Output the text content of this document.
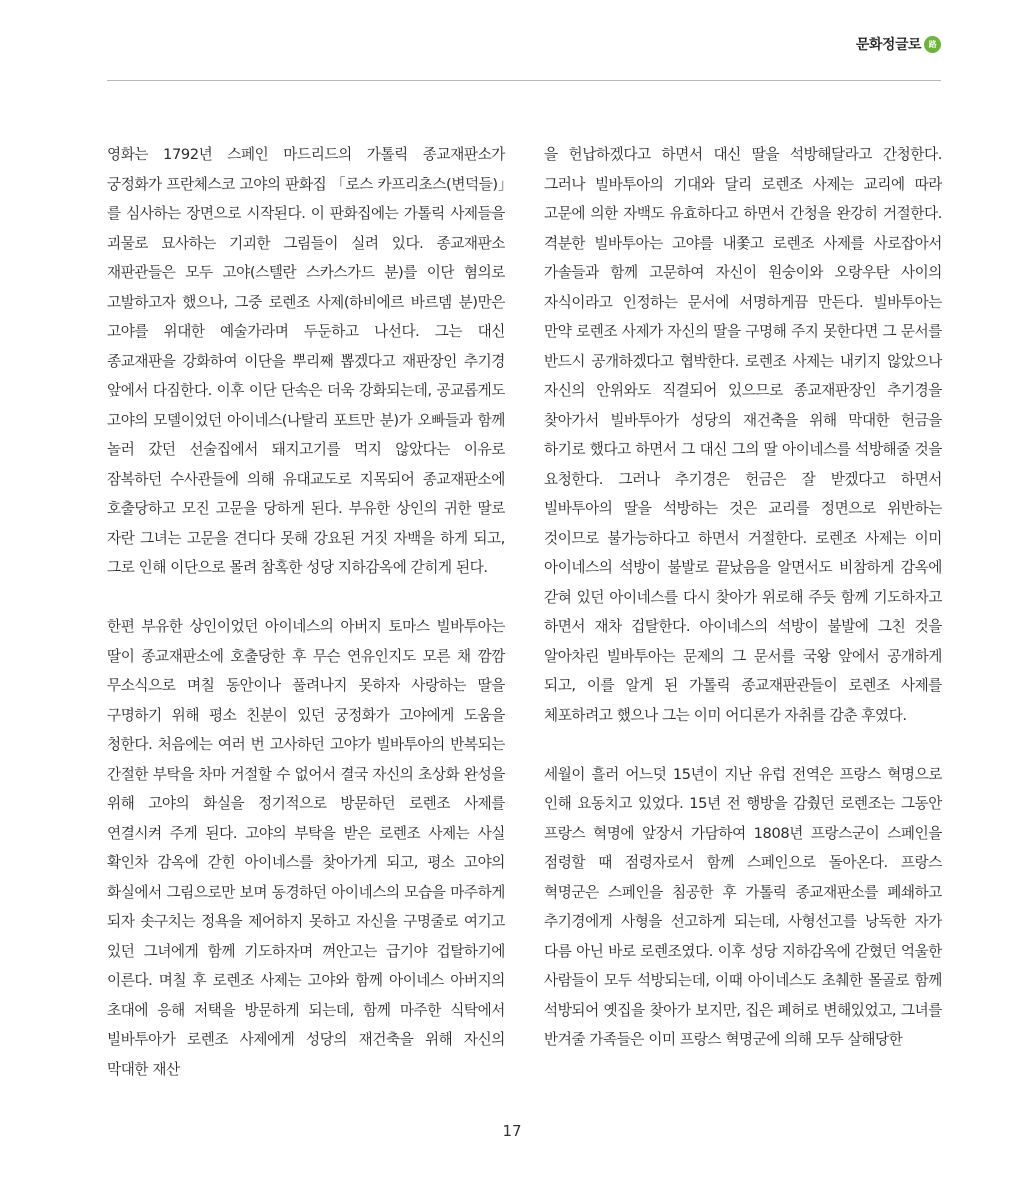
문화정글로 路

영화는 1792년 스페인 마드리드의 가톨릭 종교재판소가 궁정화가 프란체스코 고야의 판화집 「로스 카프리초스(변덕들)」를 심사하는 장면으로 시작된다. 이 판화집에는 가톨릭 사제들을 괴물로 묘사하는 기괴한 그림들이 실려 있다. 종교재판소 재판관들은 모두 고야(스텔란 스카스가드 분)를 이단 혐의로 고발하고자 했으나, 그중 로렌조 사제(하비에르 바르뎀 분)만은 고야를 위대한 예술가라며 두둔하고 나선다. 그는 대신 종교재판을 강화하여 이단을 뿌리째 뽑겠다고 재판장인 추기경 앞에서 다짐한다. 이후 이단 단속은 더욱 강화되는데, 공교롭게도 고야의 모델이었던 아이네스(나탈리 포트만 분)가 오빠들과 함께 놀러 갔던 선술집에서 돼지고기를 먹지 않았다는 이유로 잠복하던 수사관들에 의해 유대교도로 지목되어 종교재판소에 호출당하고 모진 고문을 당하게 된다. 부유한 상인의 귀한 딸로 자란 그녀는 고문을 견디다 못해 강요된 거짓 자백을 하게 되고, 그로 인해 이단으로 몰려 참혹한 성당 지하감옥에 갇히게 된다.

한편 부유한 상인이었던 아이네스의 아버지 토마스 빌바투아는 딸이 종교재판소에 호출당한 후 무슨 연유인지도 모른 채 깜깜 무소식으로 며칠 동안이나 풀려나지 못하자 사랑하는 딸을 구명하기 위해 평소 친분이 있던 궁정화가 고야에게 도움을 청한다. 처음에는 여러 번 고사하던 고야가 빌바투아의 반복되는 간절한 부탁을 차마 거절할 수 없어서 결국 자신의 초상화 완성을 위해 고야의 화실을 정기적으로 방문하던 로렌조 사제를 연결시켜 주게 된다. 고야의 부탁을 받은 로렌조 사제는 사실 확인차 감옥에 갇힌 아이네스를 찾아가게 되고, 평소 고야의 화실에서 그림으로만 보며 동경하던 아이네스의 모습을 마주하게 되자 솟구치는 정욕을 제어하지 못하고 자신을 구명줄로 여기고 있던 그녀에게 함께 기도하자며 껴안고는 급기야 겁탈하기에 이른다. 며칠 후 로렌조 사제는 고야와 함께 아이네스 아버지의 초대에 응해 저택을 방문하게 되는데, 함께 마주한 식탁에서 빌바투아가 로렌조 사제에게 성당의 재건축을 위해 자신의 막대한 재산

을 헌납하겠다고 하면서 대신 딸을 석방해달라고 간청한다. 그러나 빌바투아의 기대와 달리 로렌조 사제는 교리에 따라 고문에 의한 자백도 유효하다고 하면서 간청을 완강히 거절한다. 격분한 빌바투아는 고야를 내쫓고 로렌조 사제를 사로잡아서 가솔들과 함께 고문하여 자신이 원숭이와 오랑우탄 사이의 자식이라고 인정하는 문서에 서명하게끔 만든다. 빌바투아는 만약 로렌조 사제가 자신의 딸을 구명해 주지 못한다면 그 문서를 반드시 공개하겠다고 협박한다. 로렌조 사제는 내키지 않았으나 자신의 안위와도 직결되어 있으므로 종교재판장인 추기경을 찾아가서 빌바투아가 성당의 재건축을 위해 막대한 헌금을 하기로 했다고 하면서 그 대신 그의 딸 아이네스를 석방해줄 것을 요청한다. 그러나 추기경은 헌금은 잘 받겠다고 하면서 빌바투아의 딸을 석방하는 것은 교리를 정면으로 위반하는 것이므로 불가능하다고 하면서 거절한다. 로렌조 사제는 이미 아이네스의 석방이 불발로 끝났음을 알면서도 비참하게 감옥에 갇혀 있던 아이네스를 다시 찾아가 위로해 주듯 함께 기도하자고 하면서 재차 겁탈한다. 아이네스의 석방이 불발에 그친 것을 알아차린 빌바투아는 문제의 그 문서를 국왕 앞에서 공개하게 되고, 이를 알게 된 가톨릭 종교재판관들이 로렌조 사제를 체포하려고 했으나 그는 이미 어디론가 자취를 감춘 후였다.

세월이 흘러 어느덧 15년이 지난 유럽 전역은 프랑스 혁명으로 인해 요동치고 있었다. 15년 전 행방을 감췄던 로렌조는 그동안 프랑스 혁명에 앞장서 가담하여 1808년 프랑스군이 스페인을 점령할 때 점령자로서 함께 스페인으로 돌아온다. 프랑스 혁명군은 스페인을 침공한 후 가톨릭 종교재판소를 폐쇄하고 추기경에게 사형을 선고하게 되는데, 사형선고를 낭독한 자가 다름 아닌 바로 로렌조였다. 이후 성당 지하감옥에 갇혔던 억울한 사람들이 모두 석방되는데, 이때 아이네스도 초췌한 몰골로 함께 석방되어 옛집을 찾아가 보지만, 집은 폐허로 변해있었고, 그녀를 반겨줄 가족들은 이미 프랑스 혁명군에 의해 모두 살해당한

17
